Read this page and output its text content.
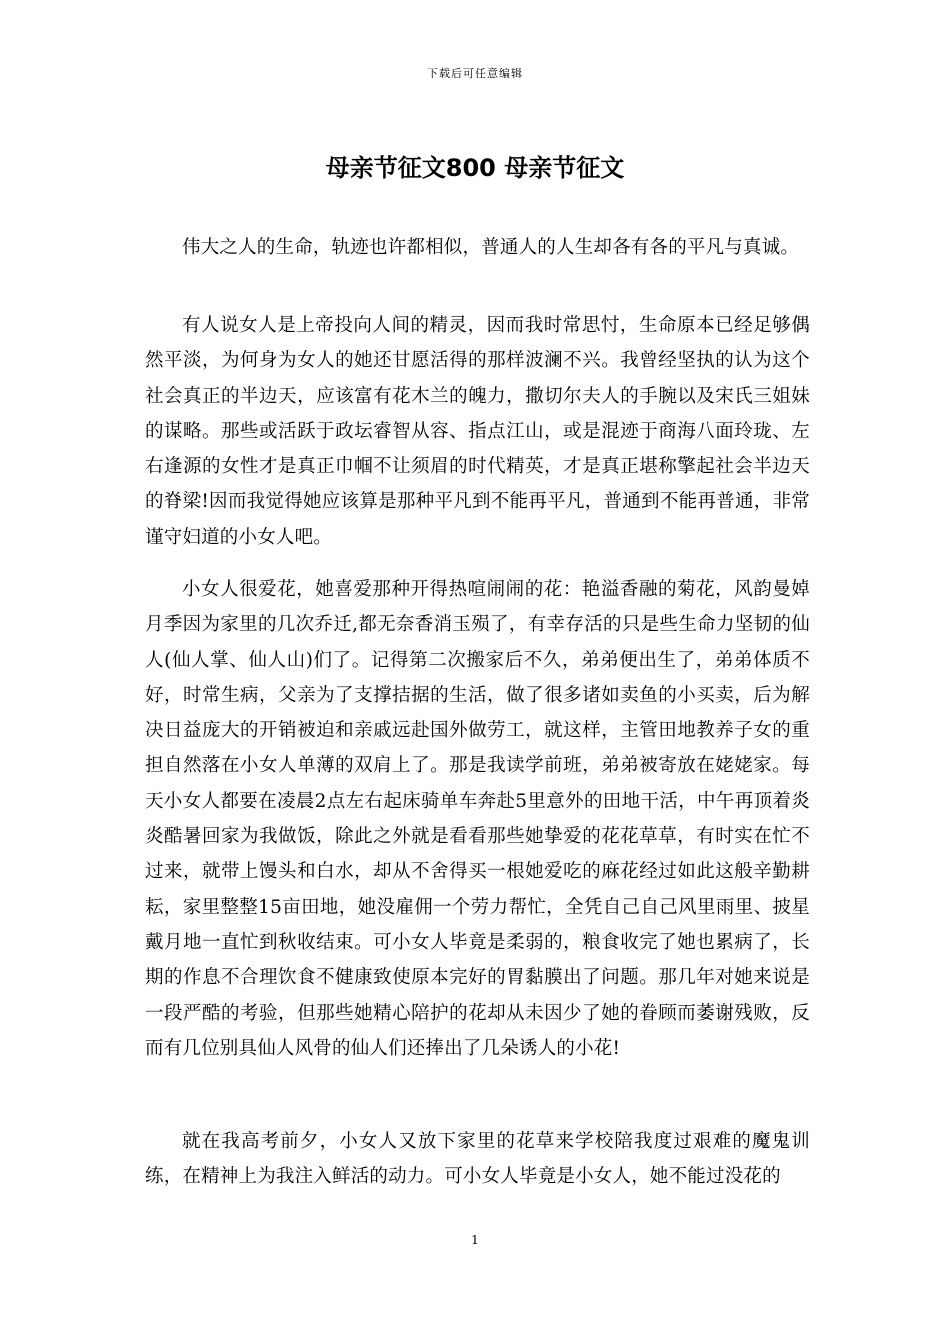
下载后可任意编辑
母亲节征文800 母亲节征文

伟大之人的生命，轨迹也许都相似，普通人的人生却各有各的平凡与真诚。

有人说女人是上帝投向人间的精灵，因而我时常思忖，生命原本已经足够偶然平淡，为何身为女人的她还甘愿活得的那样波澜不兴。我曾经坚执的认为这个社会真正的半边天，应该富有花木兰的魄力，撒切尔夫人的手腕以及宋氏三姐妹的谋略。那些或活跃于政坛睿智从容、指点江山，或是混迹于商海八面玲珑、左右逢源的女性才是真正巾帼不让须眉的时代精英，才是真正堪称擎起社会半边天的脊梁!因而我觉得她应该算是那种平凡到不能再平凡，普通到不能再普通，非常谨守妇道的小女人吧。

小女人很爱花，她喜爱那种开得热喧闹闹的花：艳溢香融的菊花，风韵曼婥月季因为家里的几次乔迁,都无奈香消玉殒了，有幸存活的只是些生命力坚韧的仙人(仙人掌、仙人山)们了。记得第二次搬家后不久，弟弟便出生了，弟弟体质不好，时常生病，父亲为了支撑拮据的生活，做了很多诸如卖鱼的小买卖，后为解决日益庞大的开销被迫和亲戚远赴国外做劳工，就这样，主管田地教养子女的重担自然落在小女人单薄的双肩上了。那是我读学前班，弟弟被寄放在姥姥家。每天小女人都要在凌晨2点左右起床骑单车奔赴5里意外的田地干活，中午再顶着炎炎酷暑回家为我做饭，除此之外就是看看那些她挚爱的花花草草，有时实在忙不过来，就带上馒头和白水，却从不舍得买一根她爱吃的麻花经过如此这般辛勤耕耘，家里整整15亩田地，她没雇佣一个劳力帮忙，全凭自己自己风里雨里、披星戴月地一直忙到秋收结束。可小女人毕竟是柔弱的，粮食收完了她也累病了，长期的作息不合理饮食不健康致使原本完好的胃黏膜出了问题。那几年对她来说是一段严酷的考验，但那些她精心陪护的花却从未因少了她的眷顾而萎谢残败，反而有几位别具仙人风骨的仙人们还捧出了几朵诱人的小花!

就在我高考前夕，小女人又放下家里的花草来学校陪我度过艰难的魔鬼训练，在精神上为我注入鲜活的动力。可小女人毕竟是小女人，她不能过没花的

1
